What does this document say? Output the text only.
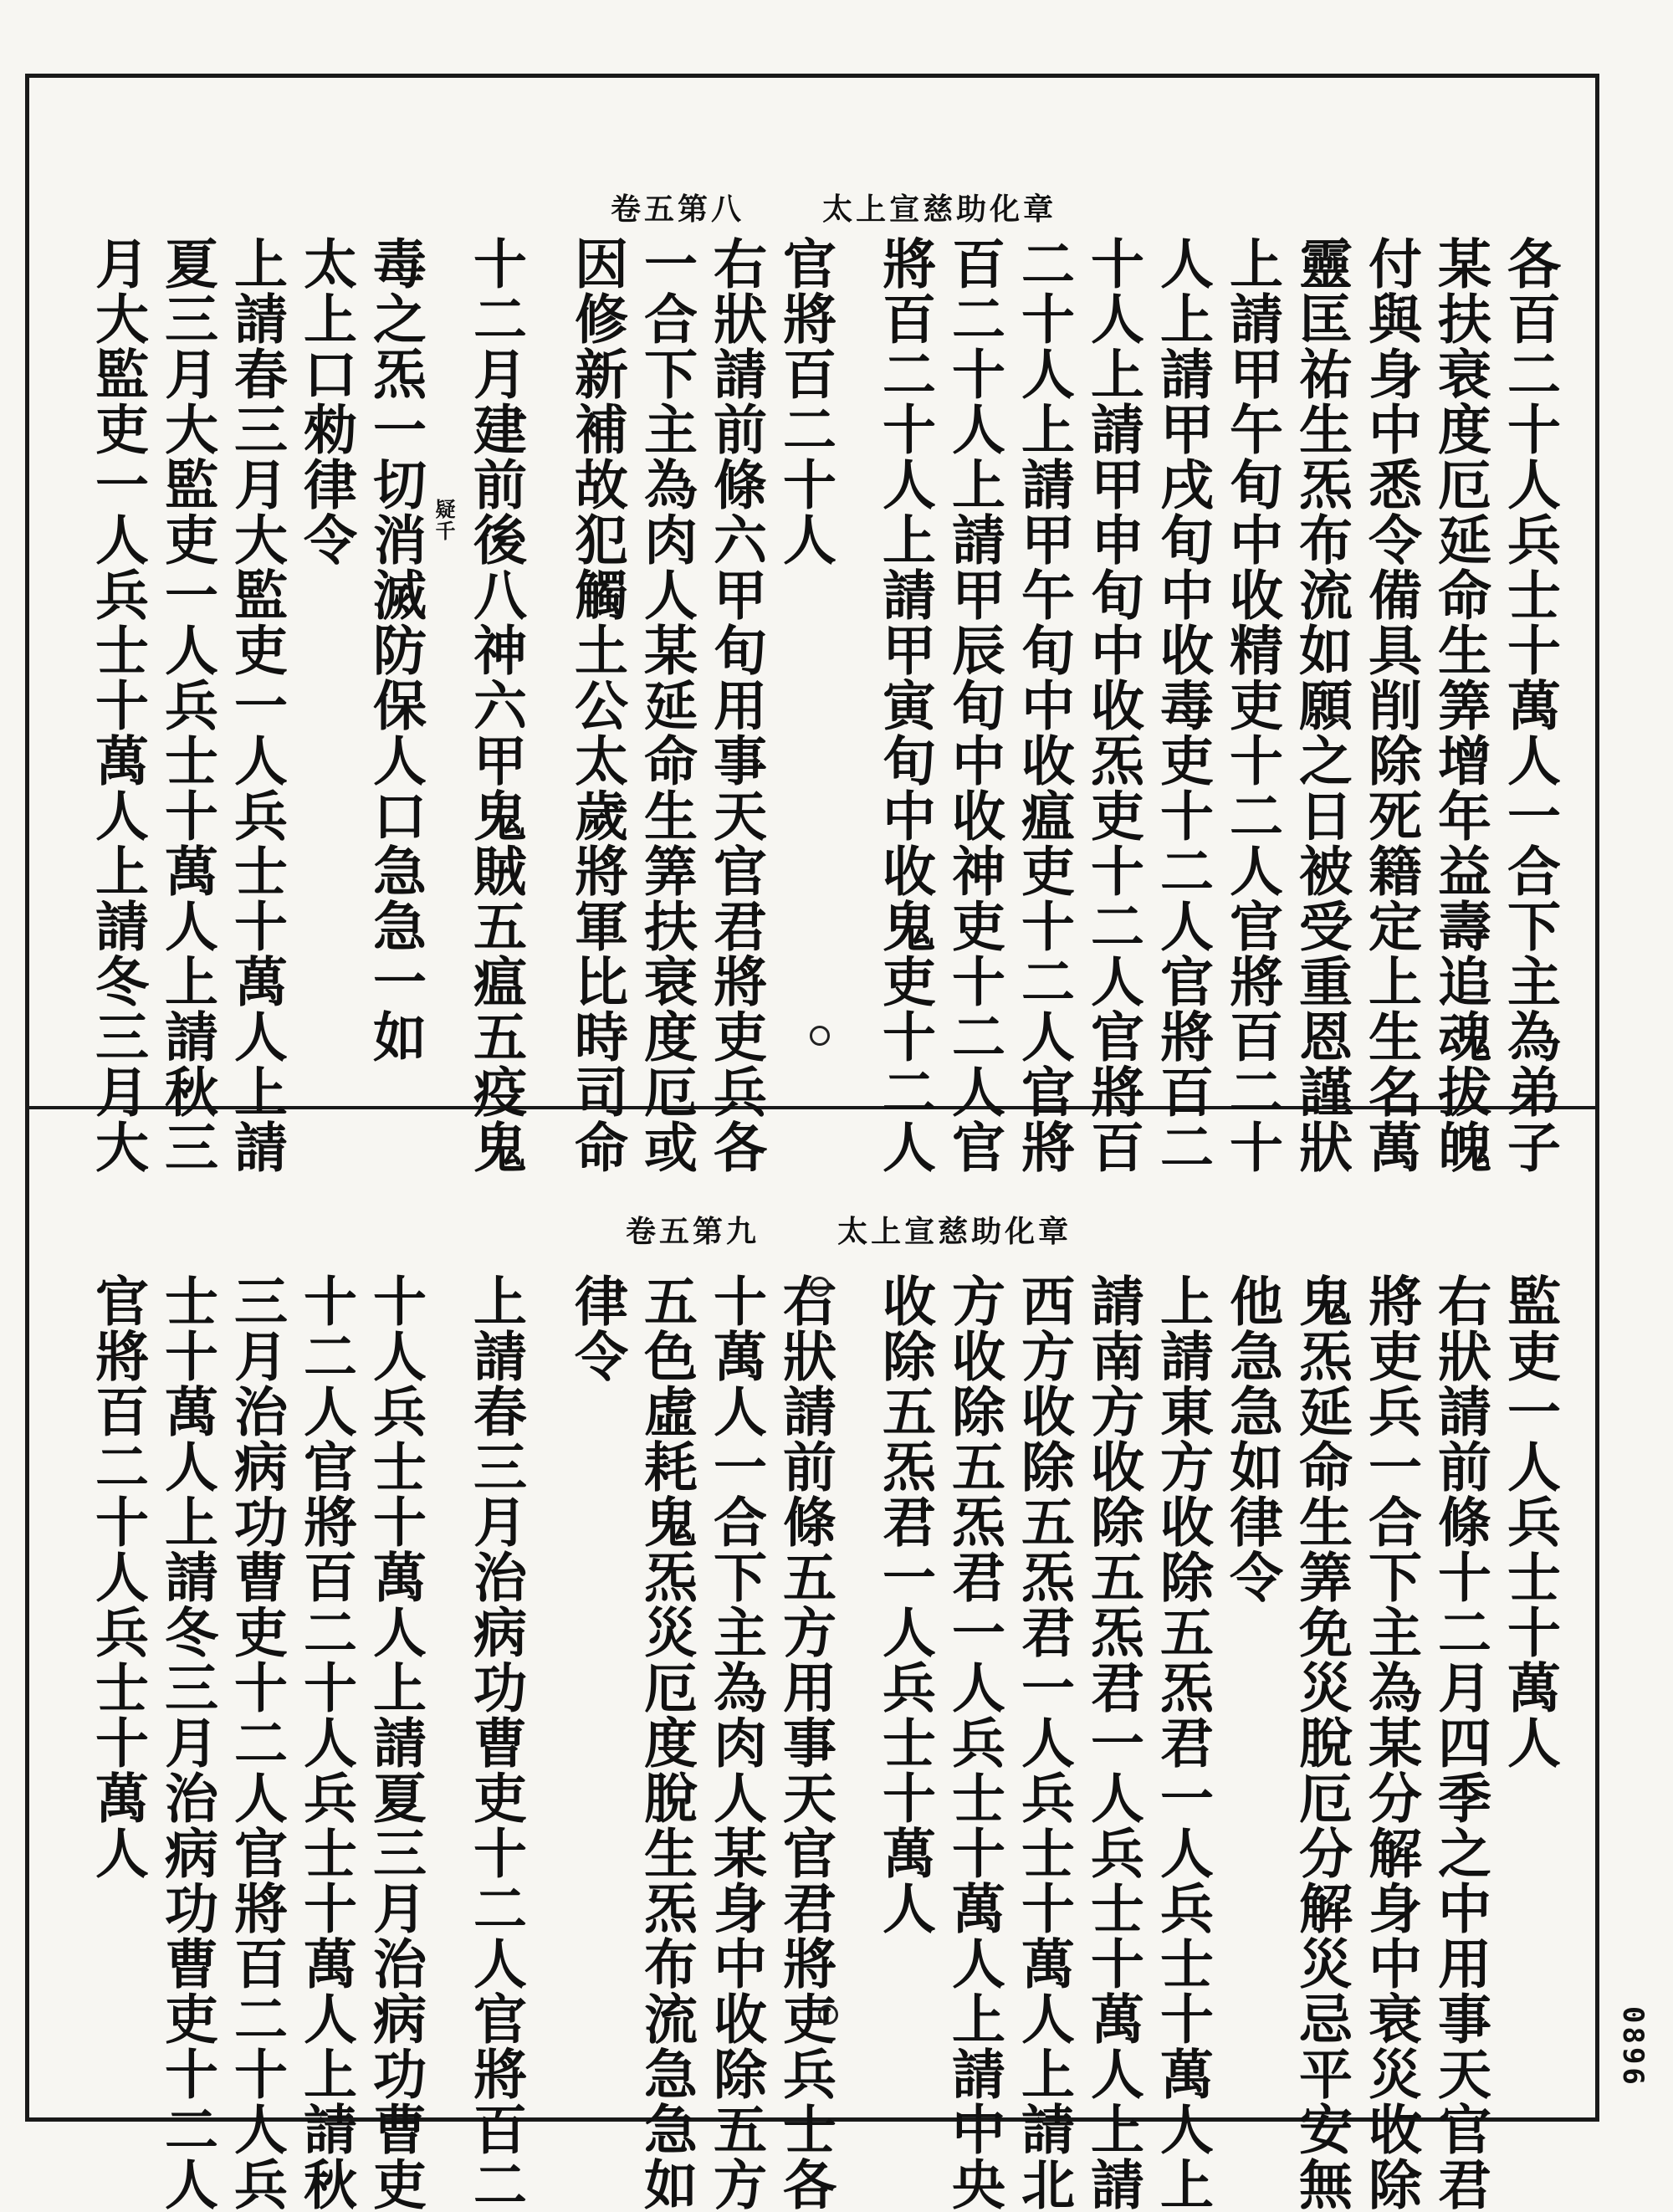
卷五第八	太上宣慈助化章
卷五第九	太上宣慈助化章
各百二十人兵士十萬人一合下主為弟子
某扶衰度厄延命生筭增年益壽追魂拔魄
付與身中悉令備具削除死籍定上生名萬
靈匡祐生炁布流如願之日被受重恩謹狀
上請甲午旬中收精吏十二人官將百二十
人上請甲戌旬中收毒吏十二人官將百二
十人上請甲申旬中收炁吏十二人官將百
二十人上請甲午旬中收瘟吏十二人官將
百二十人上請甲辰旬中收神吏十二人官
將百二十人上請甲寅旬中收鬼吏十二人
官將百二十人
右狀請前條六甲旬用事天官君將吏兵各
一合下主為肉人某延命生筭扶衰度厄或
因修新補故犯觸土公太歲將軍比時司命
十二月建前後八神六甲鬼賊五瘟五疫鬼
毒之炁一切消滅防保人口急急一如
太上口勑律令
上請春三月大監吏一人兵士十萬人上請
夏三月大監吏一人兵士十萬人上請秋三
月大監吏一人兵士十萬人上請冬三月大	疑千
監吏一人兵士十萬人
右狀請前條十二月四季之中用事天官君
將吏兵一合下主為某分解身中衰災收除
鬼炁延命生筭免災脫厄分解災忌平安無
他急急如律令
上請東方收除五炁君一人兵士十萬人上
請南方收除五炁君一人兵士十萬人上請
西方收除五炁君一人兵士十萬人上請北
方收除五炁君一人兵士十萬人上請中央
收除五炁君一人兵士十萬人
右狀請前條五方用事天官君將吏兵士各
十萬人一合下主為肉人某身中收除五方
五色虛耗鬼炁災厄度脫生炁布流急急如
律令
上請春三月治病功曹吏十二人官將百二
十人兵士十萬人上請夏三月治病功曹吏
十二人官將百二十人兵士十萬人上請秋
三月治病功曹吏十二人官將百二十人兵
士十萬人上請冬三月治病功曹吏十二人
官將百二十人兵士十萬人
0896
